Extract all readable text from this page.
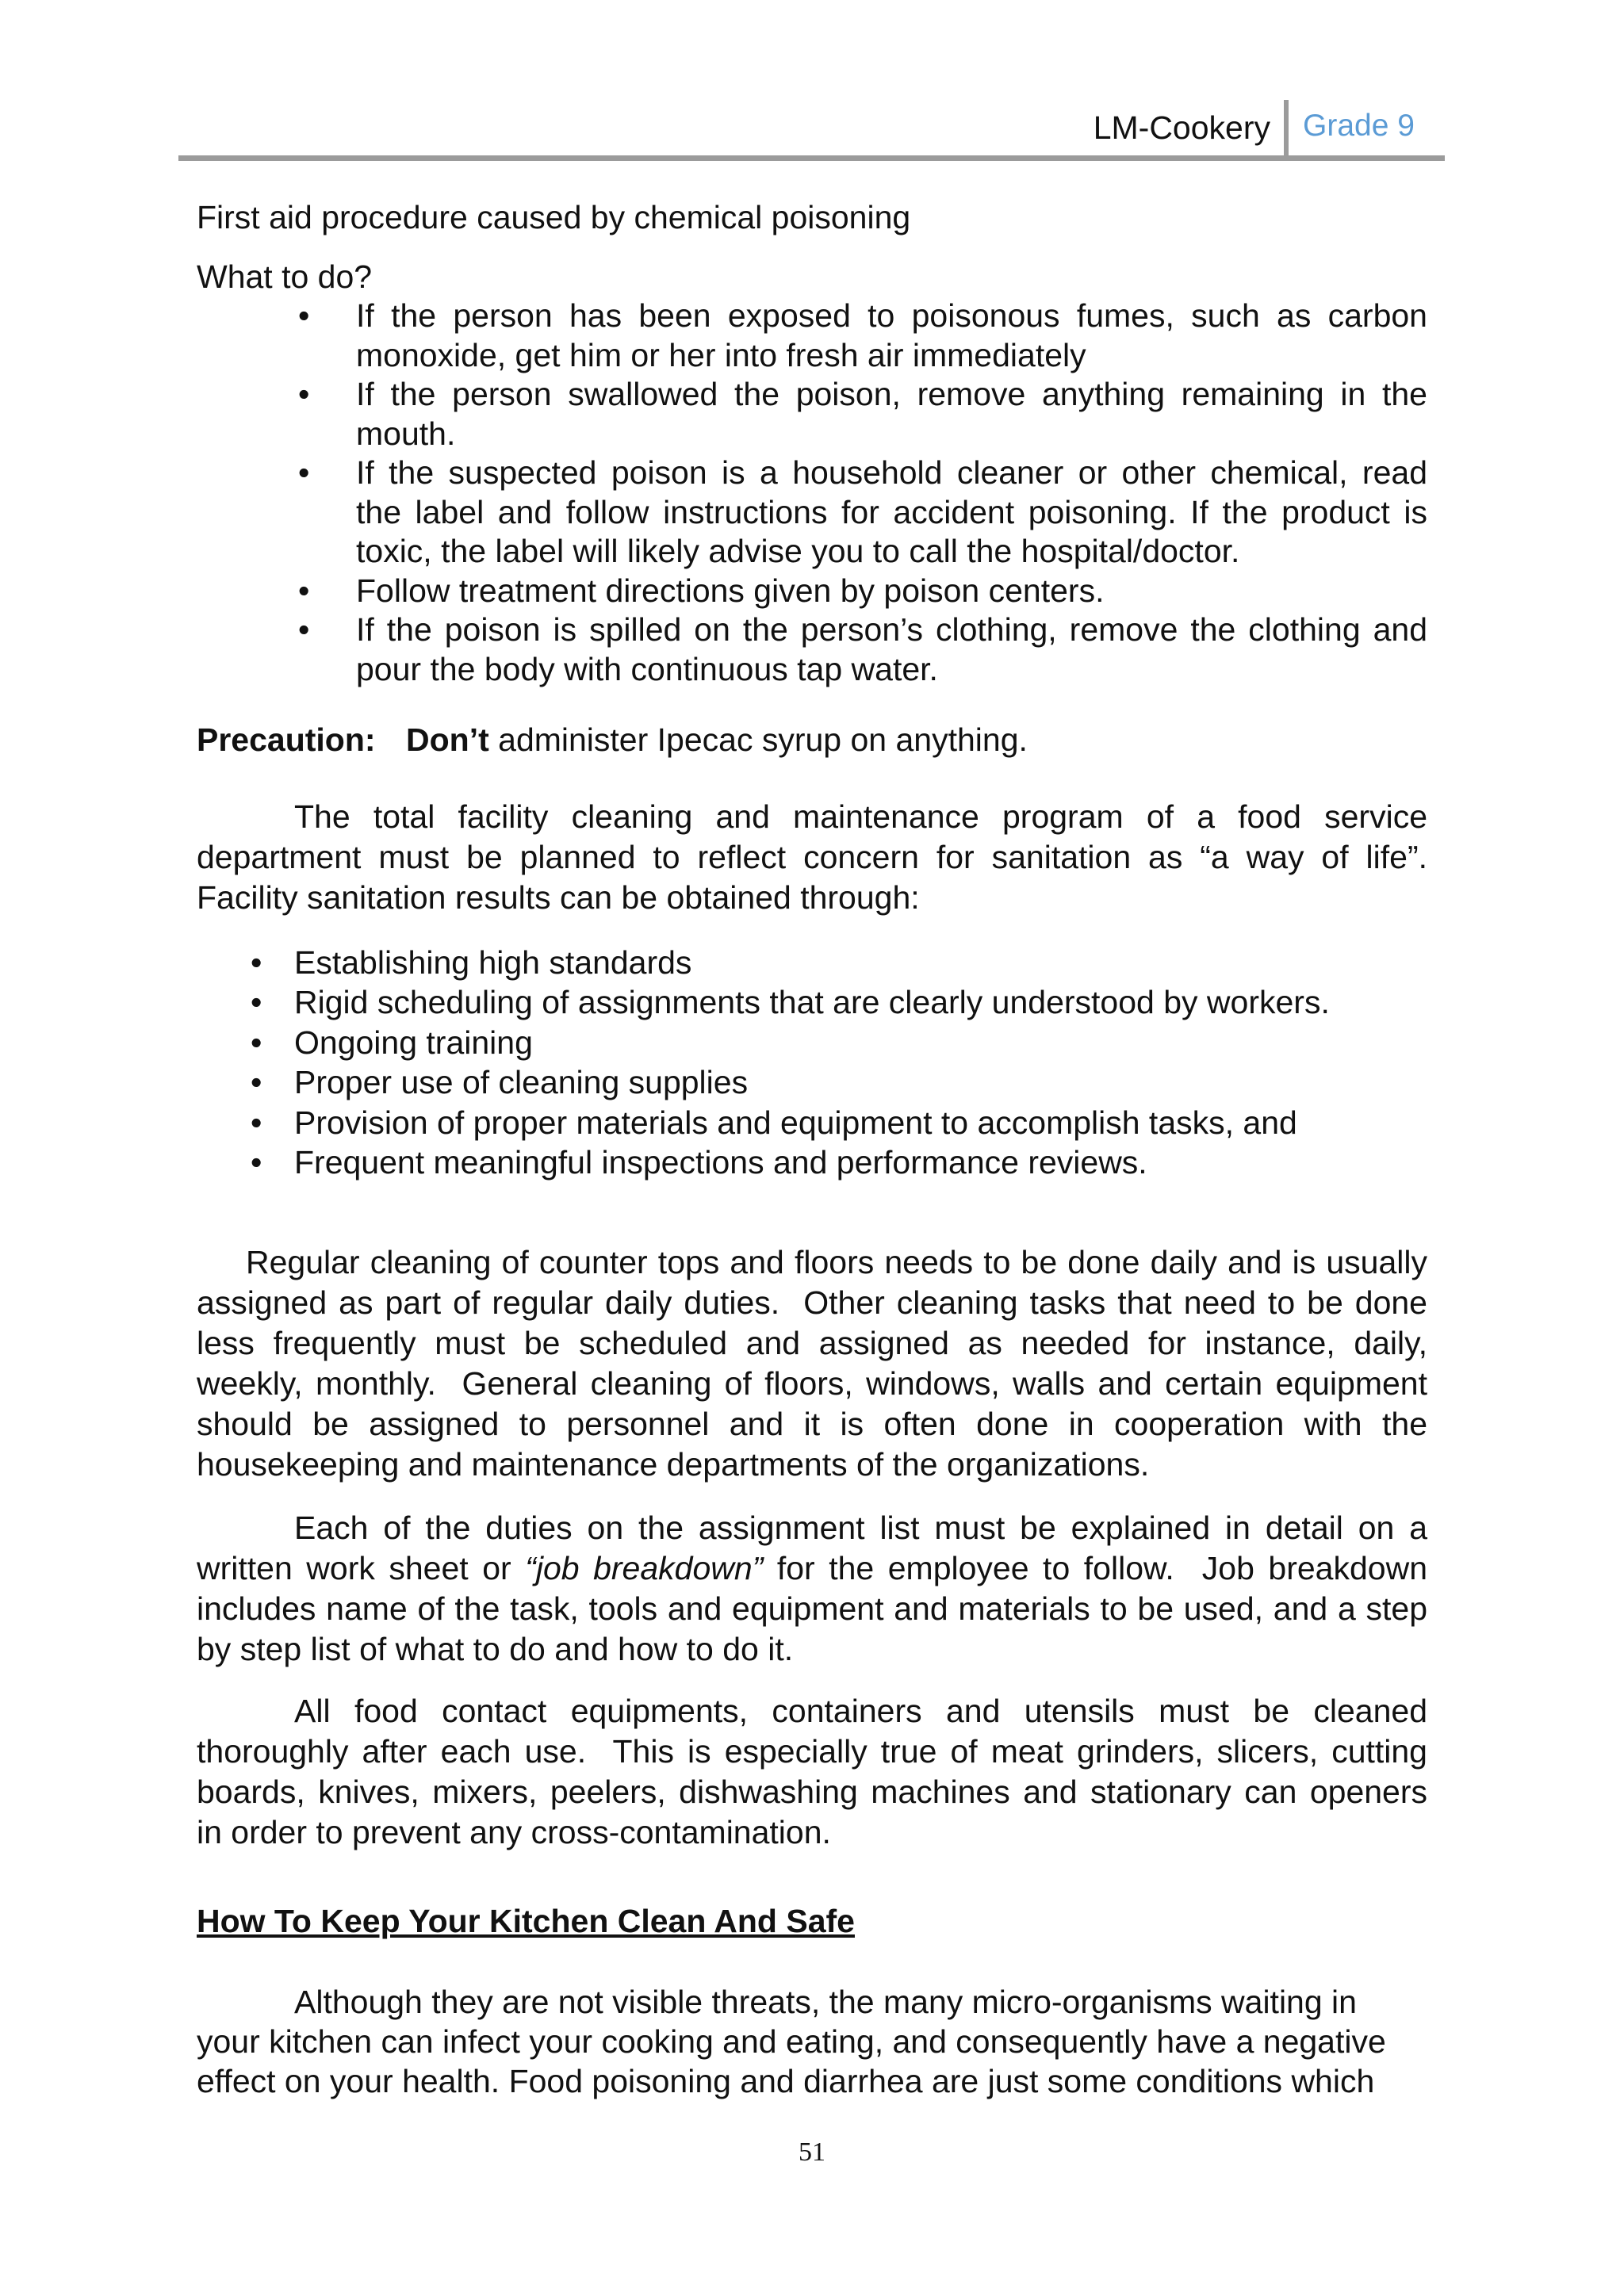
LM-Cookery Grade 9
First aid procedure caused by chemical poisoning
What to do?
•
If the person has been exposed to poisonous fumes, such as carbon
monoxide, get him or her into fresh air immediately
•
If the person swallowed the poison, remove anything remaining in the
mouth.
•
If the suspected poison is a household cleaner or other chemical, read
the label and follow instructions for accident poisoning. If the product is
toxic, the label will likely advise you to call the hospital/doctor.
•
Follow treatment directions given by poison centers.
•
If the poison is spilled on the person’s clothing, remove the clothing and
pour the body with continuous tap water.
Precaution: Don’t administer Ipecac syrup on anything.
The total facility cleaning and maintenance program of a food service
department must be planned to reflect concern for sanitation as “a way of life”.
Facility sanitation results can be obtained through:
•
Establishing high standards
•
Rigid scheduling of assignments that are clearly understood by workers.
•
Ongoing training
•
Proper use of cleaning supplies
•
Provision of proper materials and equipment to accomplish tasks, and
•
Frequent meaningful inspections and performance reviews.
Regular cleaning of counter tops and floors needs to be done daily and is usually
assigned as part of regular daily duties.  Other cleaning tasks that need to be done
less frequently must be scheduled and assigned as needed for instance, daily,
weekly, monthly.  General cleaning of floors, windows, walls and certain equipment
should be assigned to personnel and it is often done in cooperation with the
housekeeping and maintenance departments of the organizations.
Each of the duties on the assignment list must be explained in detail on a
written work sheet or “job breakdown” for the employee to follow.  Job breakdown
includes name of the task, tools and equipment and materials to be used, and a step
by step list of what to do and how to do it.
All food contact equipments, containers and utensils must be cleaned
thoroughly after each use.  This is especially true of meat grinders, slicers, cutting
boards, knives, mixers, peelers, dishwashing machines and stationary can openers
in order to prevent any cross-contamination.
How To Keep Your Kitchen Clean And Safe
Although they are not visible threats, the many micro-organisms waiting in
your kitchen can infect your cooking and eating, and consequently have a negative
effect on your health. Food poisoning and diarrhea are just some conditions which
51
